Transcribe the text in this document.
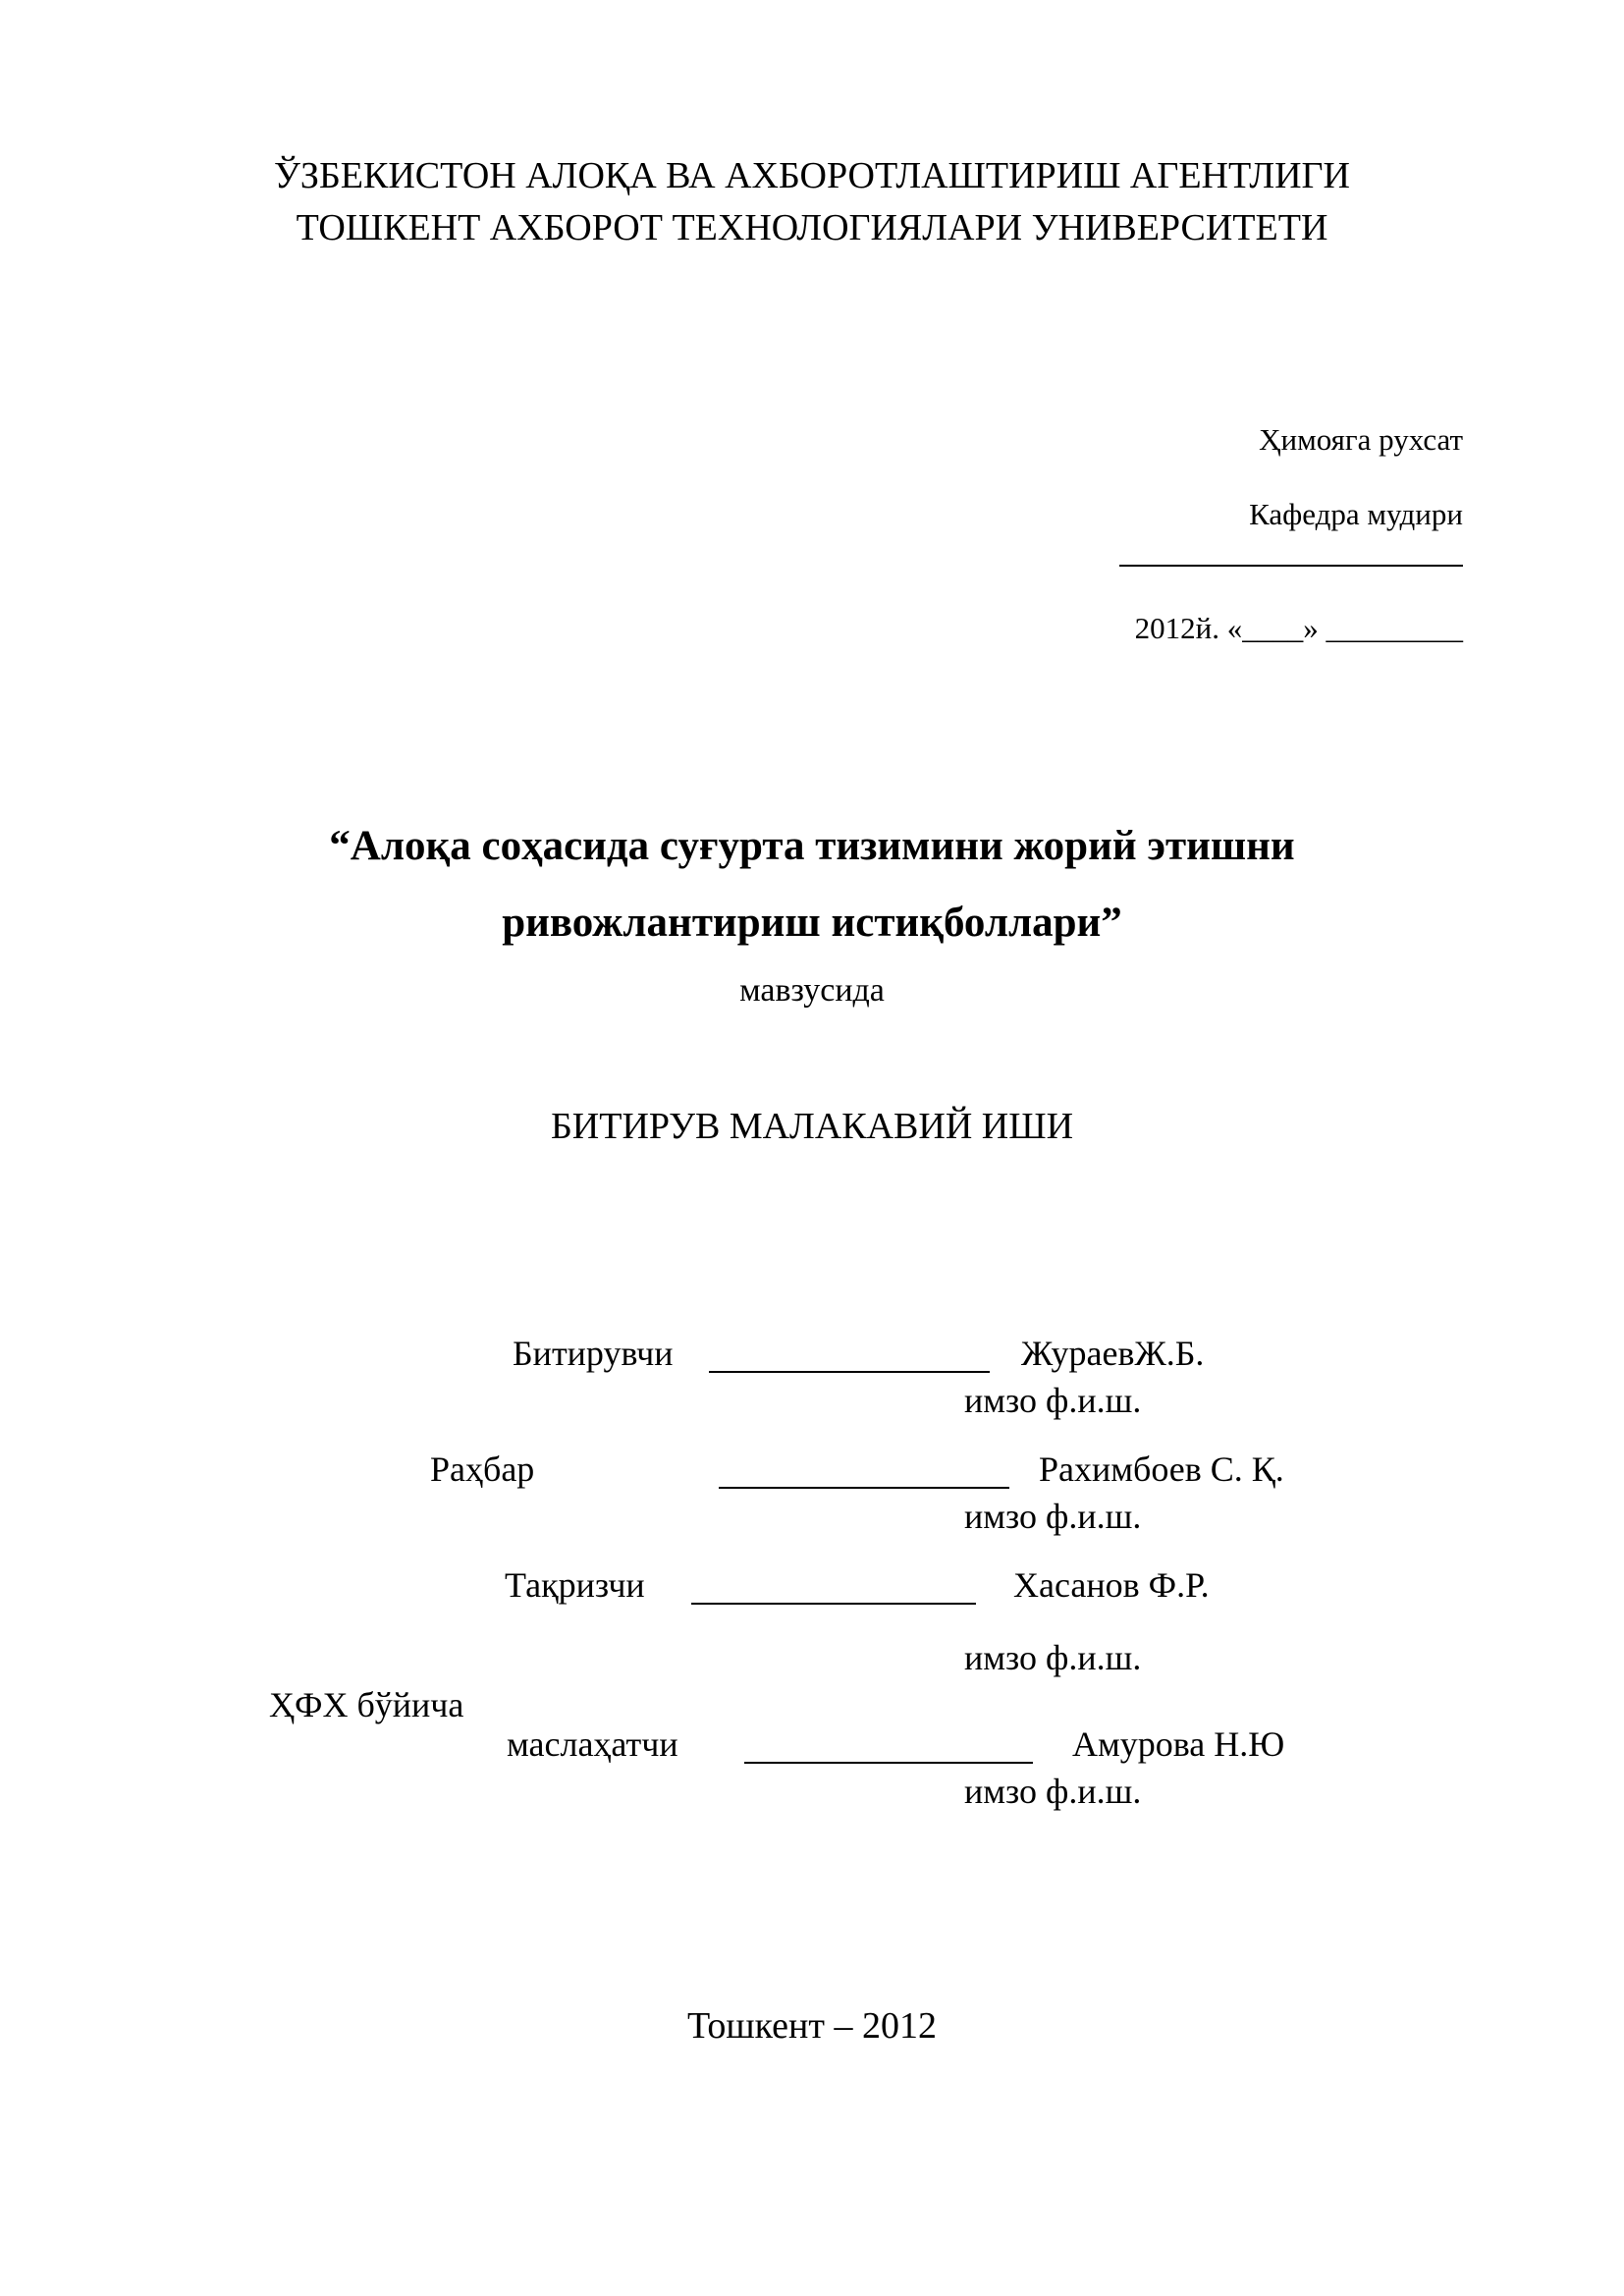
ЎЗБЕКИСТОН АЛОҚА ВА АХБОРОТЛАШТИРИШ АГЕНТЛИГИ
ТОШКЕНТ АХБОРОТ ТЕХНОЛОГИЯЛАРИ УНИВЕРСИТЕТИ
Ҳимояга рухсат
Кафедра мудири
2012й. «____» _________
“Алоқа соҳасида суғурта тизимини жорий этишни
ривожлантириш истиқболлари”
мавзусида
БИТИРУВ МАЛАКАВИЙ ИШИ
Битирувчи	ЖураевЖ.Б.
имзо ф.и.ш.
Раҳбар	Рахимбоев С. Қ.
имзо ф.и.ш.
Тақризчи	Хасанов Ф.Р.
имзо ф.и.ш.
ҲФХ бўйича
маслаҳатчи	Амурова Н.Ю
имзо ф.и.ш.
Тошкент – 2012
